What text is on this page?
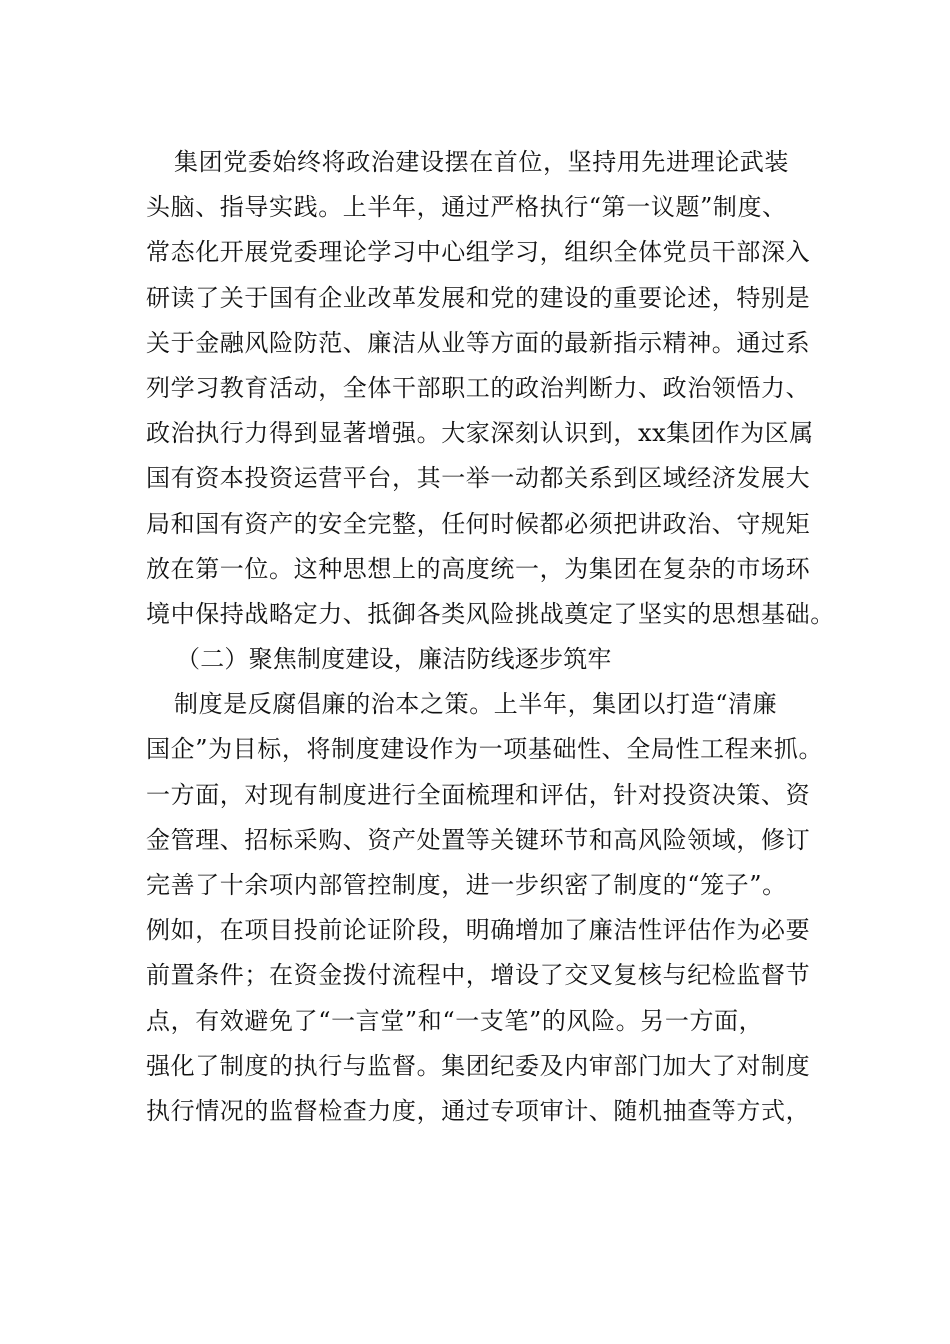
集团党委始终将政治建设摆在首位，坚持用先进理论武装
头脑、指导实践。上半年，通过严格执行“第一议题”制度、
常态化开展党委理论学习中心组学习，组织全体党员干部深入
研读了关于国有企业改革发展和党的建设的重要论述，特别是
关于金融风险防范、廉洁从业等方面的最新指示精神。通过系
列学习教育活动，全体干部职工的政治判断力、政治领悟力、
政治执行力得到显著增强。大家深刻认识到，xx集团作为区属
国有资本投资运营平台，其一举一动都关系到区域经济发展大
局和国有资产的安全完整，任何时候都必须把讲政治、守规矩
放在第一位。这种思想上的高度统一，为集团在复杂的市场环
境中保持战略定力、抵御各类风险挑战奠定了坚实的思想基础。
（二）聚焦制度建设，廉洁防线逐步筑牢
制度是反腐倡廉的治本之策。上半年，集团以打造“清廉
国企”为目标，将制度建设作为一项基础性、全局性工程来抓。
一方面，对现有制度进行全面梳理和评估，针对投资决策、资
金管理、招标采购、资产处置等关键环节和高风险领域，修订
完善了十余项内部管控制度，进一步织密了制度的“笼子”。
例如，在项目投前论证阶段，明确增加了廉洁性评估作为必要
前置条件；在资金拨付流程中，增设了交叉复核与纪检监督节
点，有效避免了“一言堂”和“一支笔”的风险。另一方面，
强化了制度的执行与监督。集团纪委及内审部门加大了对制度
执行情况的监督检查力度，通过专项审计、随机抽查等方式，
